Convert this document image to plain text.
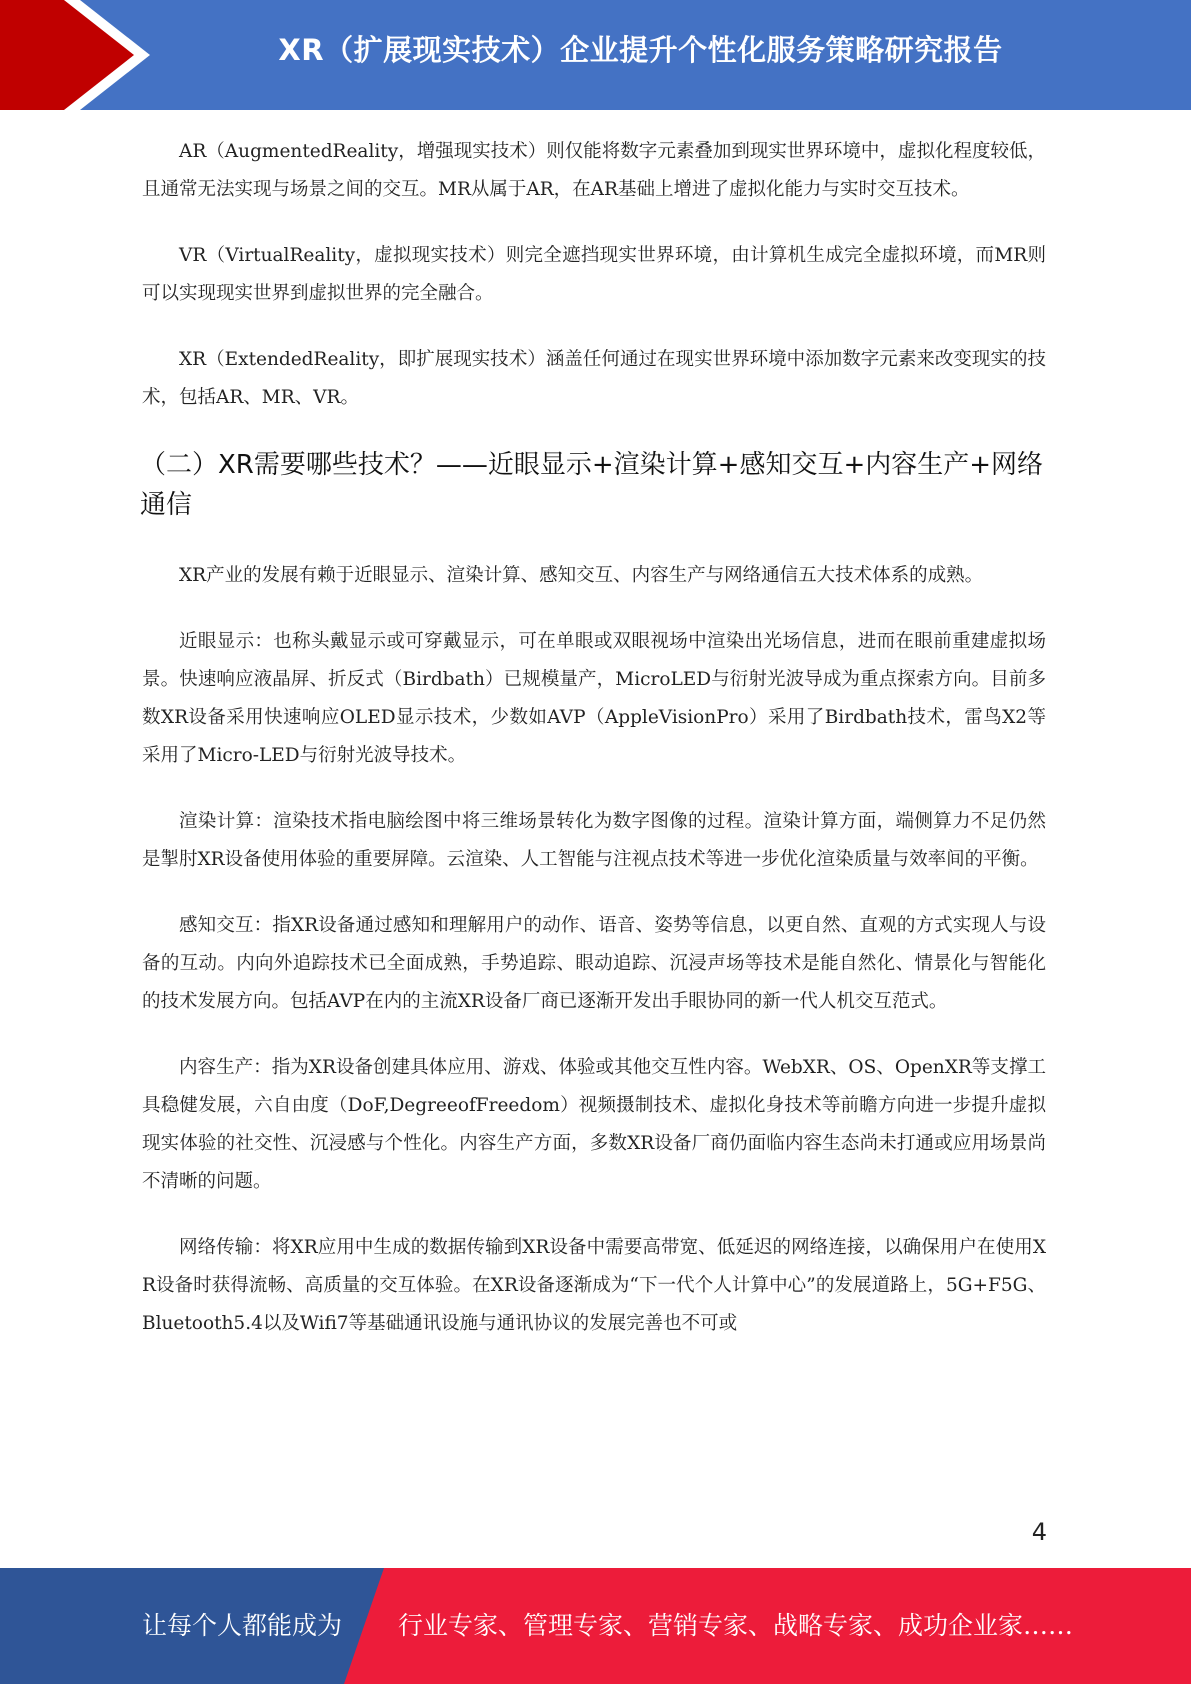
XR（扩展现实技术）企业提升个性化服务策略研究报告

AR（AugmentedReality，增强现实技术）则仅能将数字元素叠加到现实世界环境中，虚拟化程度较低，且通常无法实现与场景之间的交互。MR从属于AR，在AR基础上增进了虚拟化能力与实时交互技术。

VR（VirtualReality，虚拟现实技术）则完全遮挡现实世界环境，由计算机生成完全虚拟环境，而MR则可以实现现实世界到虚拟世界的完全融合。

XR（ExtendedReality，即扩展现实技术）涵盖任何通过在现实世界环境中添加数字元素来改变现实的技术，包括AR、MR、VR。

（二）XR需要哪些技术？——近眼显示+渲染计算+感知交互+内容生产+网络通信

XR产业的发展有赖于近眼显示、渲染计算、感知交互、内容生产与网络通信五大技术体系的成熟。

近眼显示：也称头戴显示或可穿戴显示，可在单眼或双眼视场中渲染出光场信息，进而在眼前重建虚拟场景。快速响应液晶屏、折反式（Birdbath）已规模量产，MicroLED与衍射光波导成为重点探索方向。目前多数XR设备采用快速响应OLED显示技术，少数如AVP（AppleVisionPro）采用了Birdbath技术，雷鸟X2等采用了Micro-LED与衍射光波导技术。

渲染计算：渲染技术指电脑绘图中将三维场景转化为数字图像的过程。渲染计算方面，端侧算力不足仍然是掣肘XR设备使用体验的重要屏障。云渲染、人工智能与注视点技术等进一步优化渲染质量与效率间的平衡。

感知交互：指XR设备通过感知和理解用户的动作、语音、姿势等信息，以更自然、直观的方式实现人与设备的互动。内向外追踪技术已全面成熟，手势追踪、眼动追踪、沉浸声场等技术是能自然化、情景化与智能化的技术发展方向。包括AVP在内的主流XR设备厂商已逐渐开发出手眼协同的新一代人机交互范式。

内容生产：指为XR设备创建具体应用、游戏、体验或其他交互性内容。WebXR、OS、OpenXR等支撑工具稳健发展，六自由度（DoF,DegreeofFreedom）视频摄制技术、虚拟化身技术等前瞻方向进一步提升虚拟现实体验的社交性、沉浸感与个性化。内容生产方面，多数XR设备厂商仍面临内容生态尚未打通或应用场景尚不清晰的问题。

网络传输：将XR应用中生成的数据传输到XR设备中需要高带宽、低延迟的网络连接，以确保用户在使用XR设备时获得流畅、高质量的交互体验。在XR设备逐渐成为“下一代个人计算中心”的发展道路上，5G+F5G、Bluetooth5.4以及Wifi7等基础通讯设施与通讯协议的发展完善也不可或

4
让每个人都能成为 行业专家、管理专家、营销专家、战略专家、成功企业家……
